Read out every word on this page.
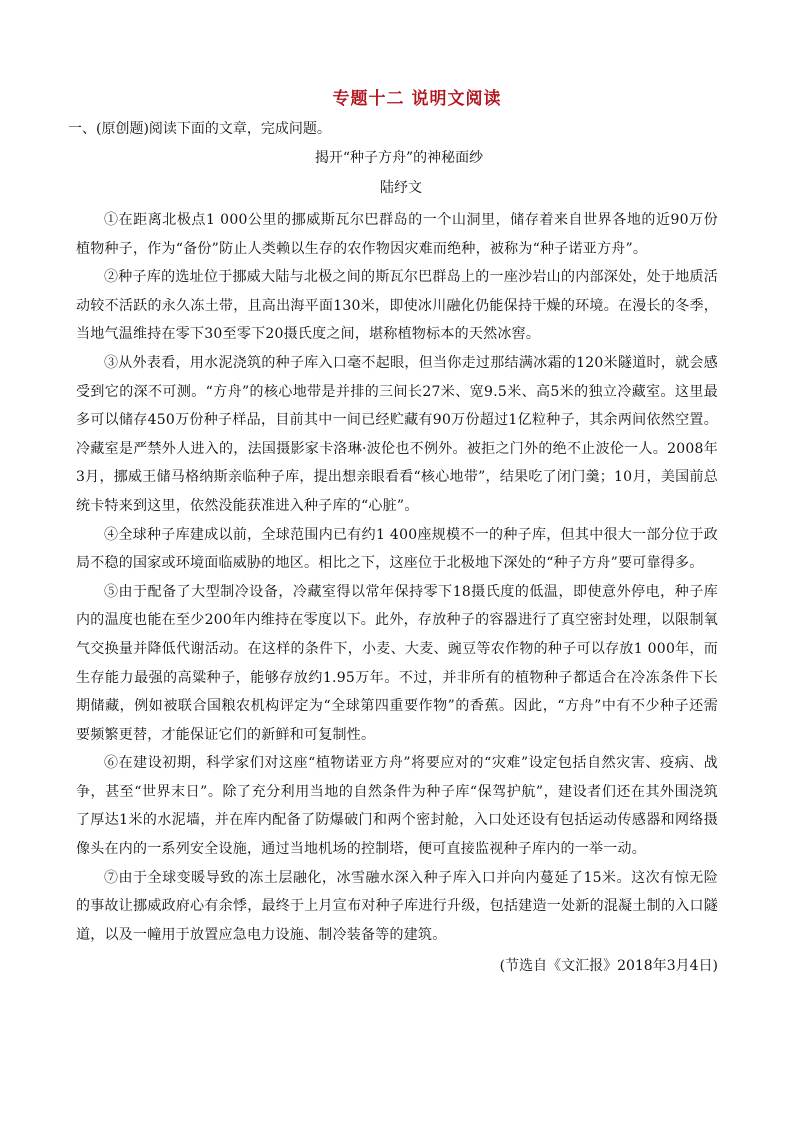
专题十二 说明文阅读

一、(原创题)阅读下面的文章，完成问题。

揭开“种子方舟”的神秘面纱

陆纾文

①在距离北极点1 000公里的挪威斯瓦尔巴群岛的一个山洞里，储存着来自世界各地的近90万份植物种子，作为“备份”防止人类赖以生存的农作物因灾难而绝种，被称为“种子诺亚方舟”。

②种子库的选址位于挪威大陆与北极之间的斯瓦尔巴群岛上的一座沙岩山的内部深处，处于地质活动较不活跃的永久冻土带，且高出海平面130米，即使冰川融化仍能保持干燥的环境。在漫长的冬季，当地气温维持在零下30至零下20摄氏度之间，堪称植物标本的天然冰窖。

③从外表看，用水泥浇筑的种子库入口毫不起眼，但当你走过那结满冰霜的120米隧道时，就会感受到它的深不可测。“方舟”的核心地带是并排的三间长27米、宽9.5米、高5米的独立冷藏室。这里最多可以储存450万份种子样品，目前其中一间已经贮藏有90万份超过1亿粒种子，其余两间依然空置。冷藏室是严禁外人进入的，法国摄影家卡洛琳·波伦也不例外。被拒之门外的绝不止波伦一人。2008年3月，挪威王储马格纳斯亲临种子库，提出想亲眼看看“核心地带”，结果吃了闭门羹；10月，美国前总统卡特来到这里，依然没能获准进入种子库的“心脏”。

④全球种子库建成以前，全球范围内已有约1 400座规模不一的种子库，但其中很大一部分位于政局不稳的国家或环境面临威胁的地区。相比之下，这座位于北极地下深处的“种子方舟”要可靠得多。

⑤由于配备了大型制冷设备，冷藏室得以常年保持零下18摄氏度的低温，即使意外停电，种子库内的温度也能在至少200年内维持在零度以下。此外，存放种子的容器进行了真空密封处理，以限制氧气交换量并降低代谢活动。在这样的条件下，小麦、大麦、豌豆等农作物的种子可以存放1 000年，而生存能力最强的高粱种子，能够存放约1.95万年。不过，并非所有的植物种子都适合在冷冻条件下长期储藏，例如被联合国粮农机构评定为“全球第四重要作物”的香蕉。因此，“方舟”中有不少种子还需要频繁更替，才能保证它们的新鲜和可复制性。

⑥在建设初期，科学家们对这座“植物诺亚方舟”将要应对的“灾难”设定包括自然灾害、疫病、战争，甚至“世界末日”。除了充分利用当地的自然条件为种子库“保驾护航”，建设者们还在其外围浇筑了厚达1米的水泥墙，并在库内配备了防爆破门和两个密封舱，入口处还设有包括运动传感器和网络摄像头在内的一系列安全设施，通过当地机场的控制塔，便可直接监视种子库内的一举一动。

⑦由于全球变暖导致的冻土层融化，冰雪融水深入种子库入口并向内蔓延了15米。这次有惊无险的事故让挪威政府心有余悸，最终于上月宣布对种子库进行升级，包括建造一处新的混凝土制的入口隧道，以及一幢用于放置应急电力设施、制冷装备等的建筑。

(节选自《文汇报》2018年3月4日)
